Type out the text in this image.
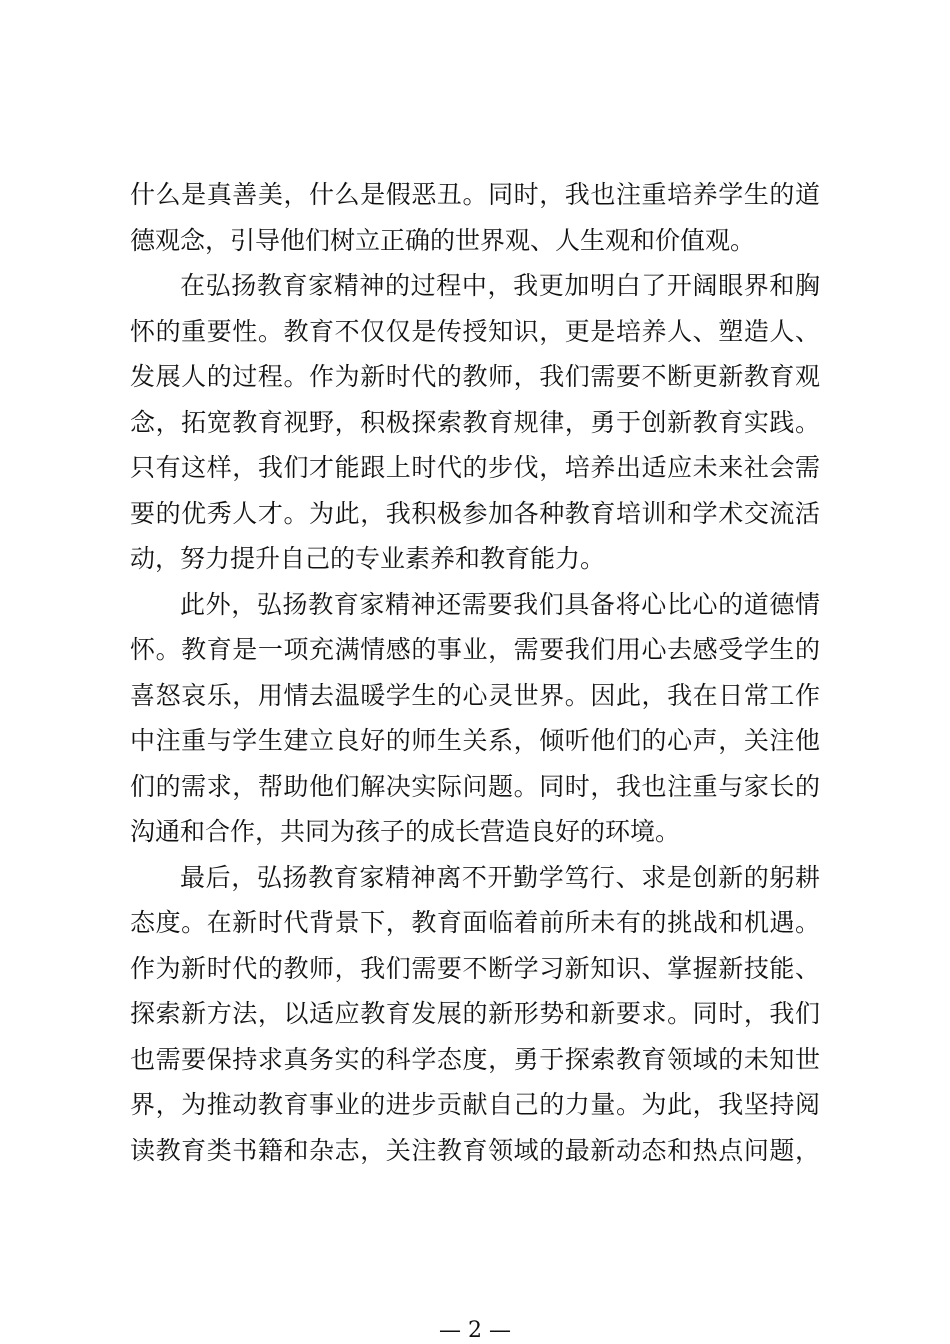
什么是真善美，什么是假恶丑。同时，我也注重培养学生的道
德观念，引导他们树立正确的世界观、人生观和价值观。
在弘扬教育家精神的过程中，我更加明白了开阔眼界和胸
怀的重要性。教育不仅仅是传授知识，更是培养人、塑造人、
发展人的过程。作为新时代的教师，我们需要不断更新教育观
念，拓宽教育视野，积极探索教育规律，勇于创新教育实践。
只有这样，我们才能跟上时代的步伐，培养出适应未来社会需
要的优秀人才。为此，我积极参加各种教育培训和学术交流活
动，努力提升自己的专业素养和教育能力。
此外，弘扬教育家精神还需要我们具备将心比心的道德情
怀。教育是一项充满情感的事业，需要我们用心去感受学生的
喜怒哀乐，用情去温暖学生的心灵世界。因此，我在日常工作
中注重与学生建立良好的师生关系，倾听他们的心声，关注他
们的需求，帮助他们解决实际问题。同时，我也注重与家长的
沟通和合作，共同为孩子的成长营造良好的环境。
最后，弘扬教育家精神离不开勤学笃行、求是创新的躬耕
态度。在新时代背景下，教育面临着前所未有的挑战和机遇。
作为新时代的教师，我们需要不断学习新知识、掌握新技能、
探索新方法，以适应教育发展的新形势和新要求。同时，我们
也需要保持求真务实的科学态度，勇于探索教育领域的未知世
界，为推动教育事业的进步贡献自己的力量。为此，我坚持阅
读教育类书籍和杂志，关注教育领域的最新动态和热点问题，
— 2 —
